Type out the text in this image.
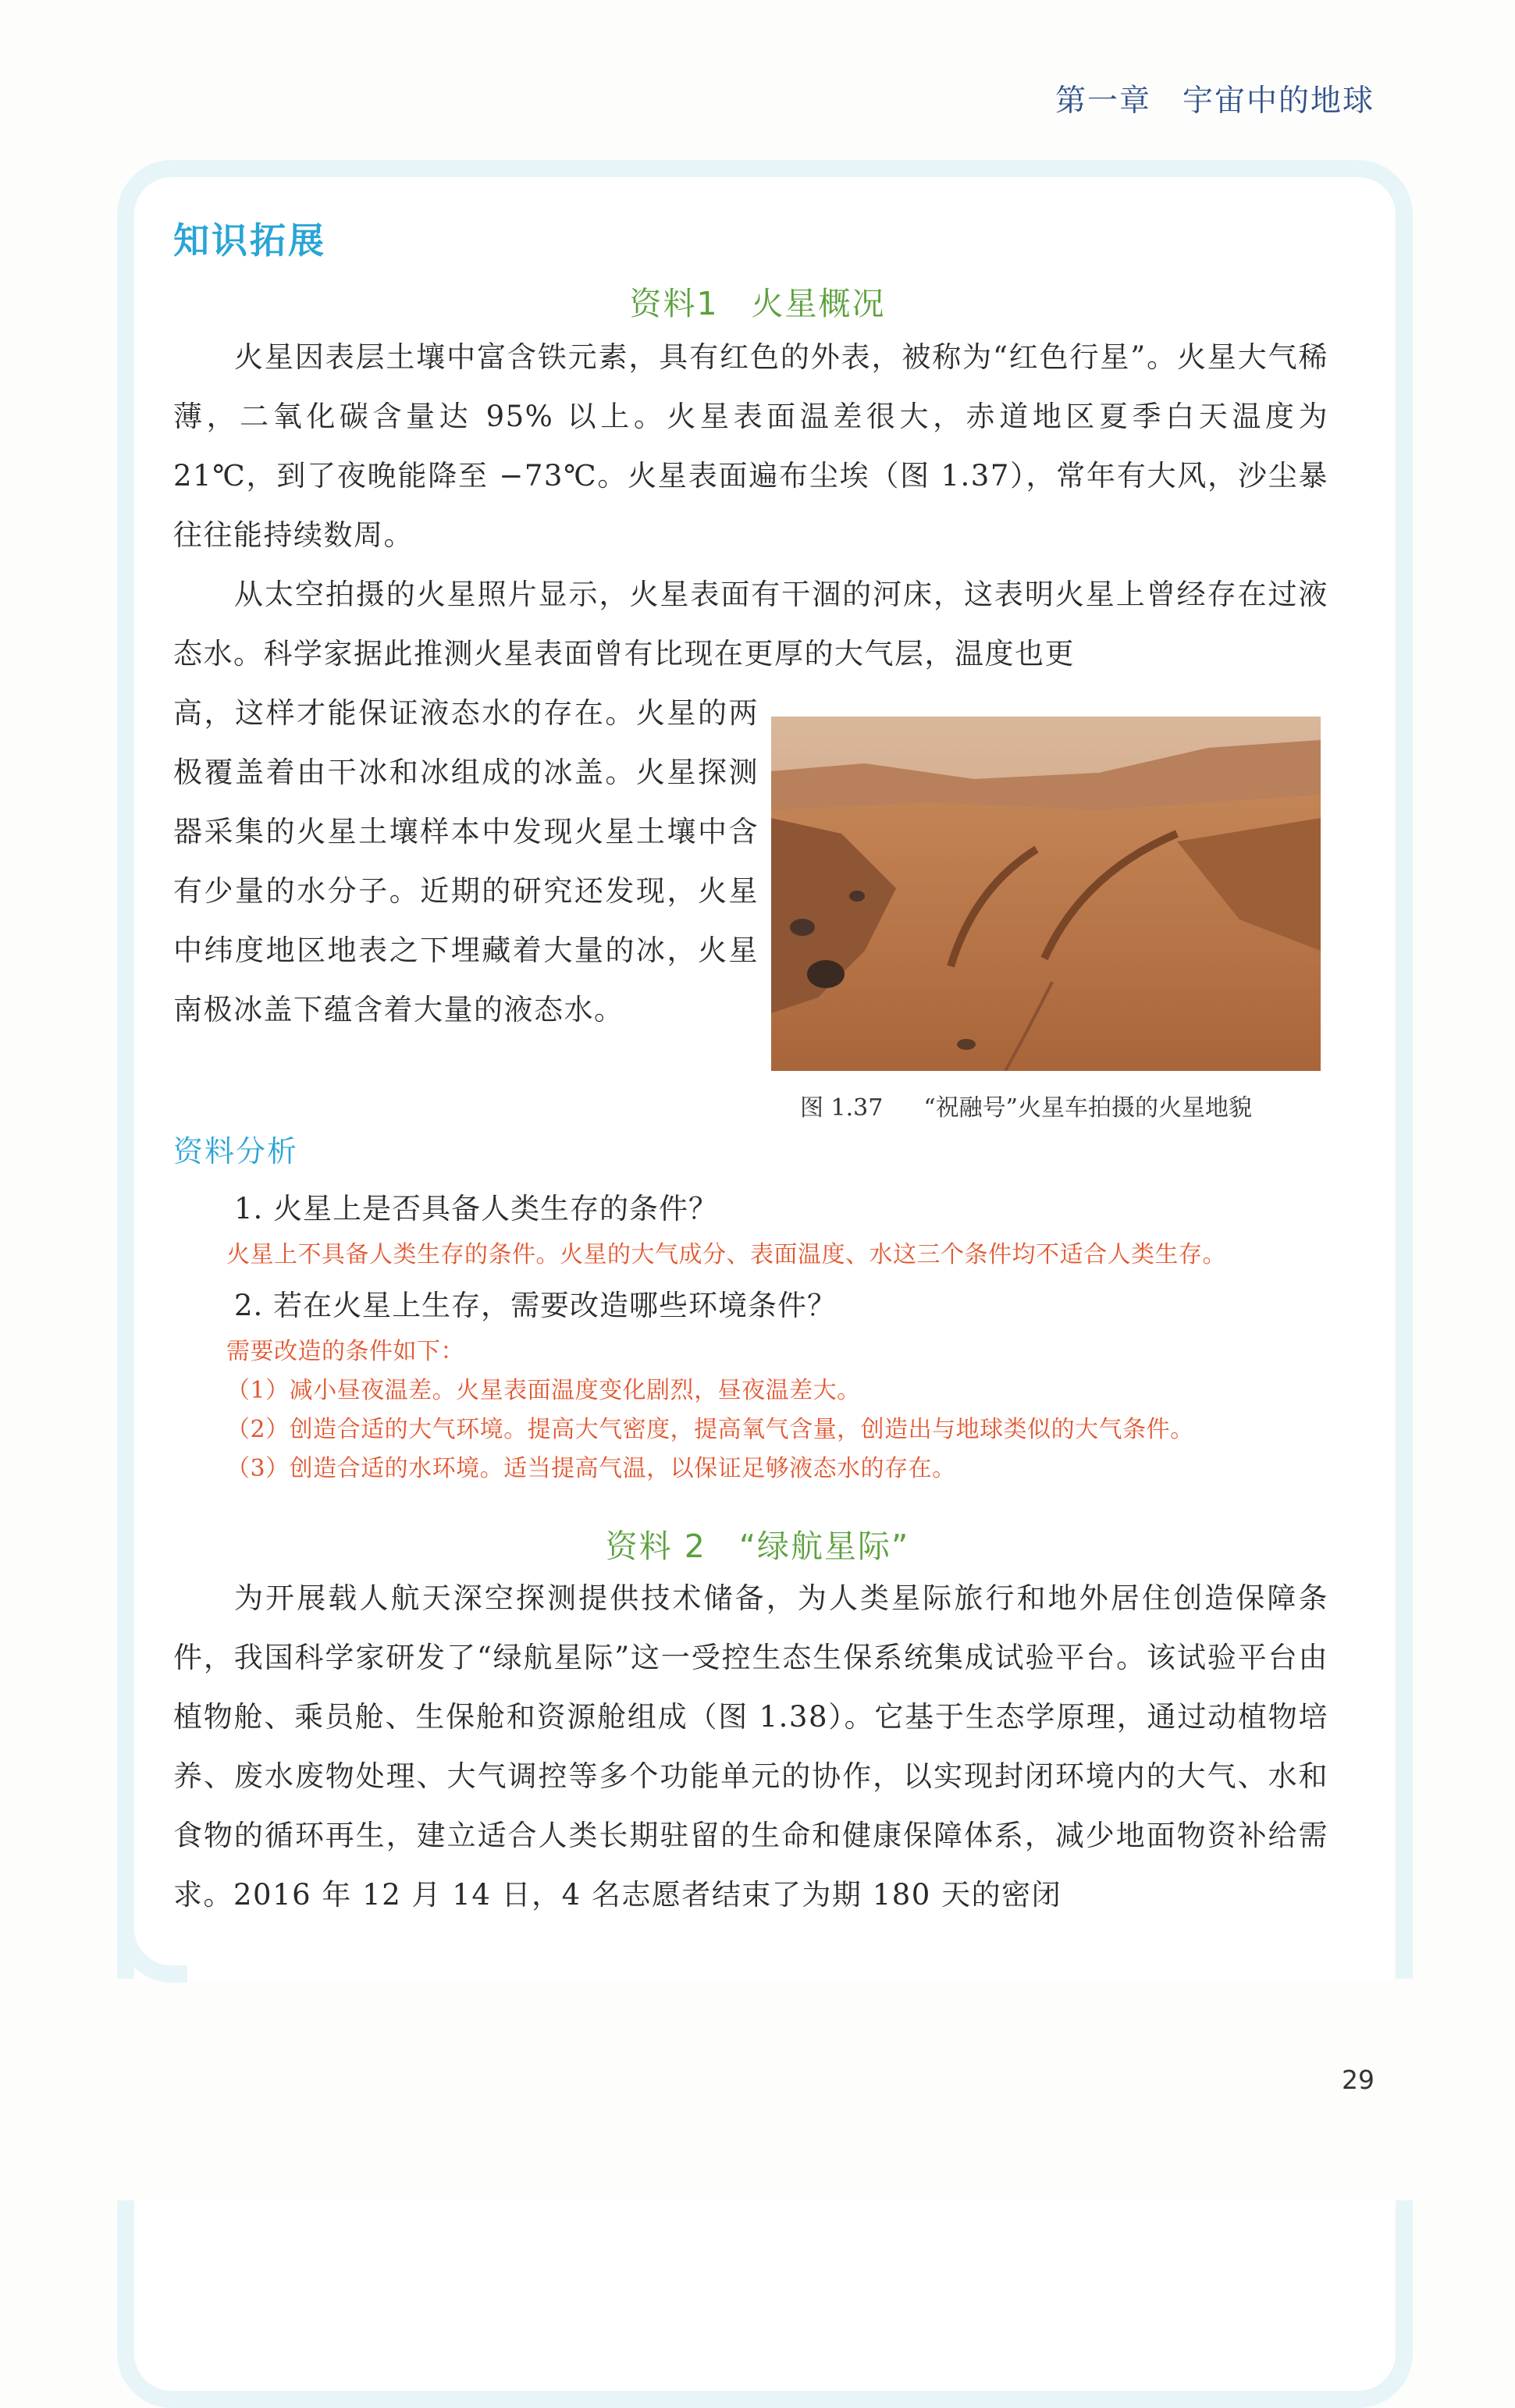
第一章 宇宙中的地球
知识拓展
资料1 火星概况

火星因表层土壤中富含铁元素，具有红色的外表，被称为“红色行星”。火星大气稀薄，二氧化碳含量达 95% 以上。火星表面温差很大，赤道地区夏季白天温度为 21℃，到了夜晚能降至 −73℃。火星表面遍布尘埃（图 1.37），常年有大风，沙尘暴往往能持续数周。

从太空拍摄的火星照片显示，火星表面有干涸的河床，这表明火星上曾经存在过液态水。科学家据此推测火星表面曾有比现在更厚的大气层，温度也更

高，这样才能保证液态水的存在。火星的两极覆盖着由干冰和冰组成的冰盖。火星探测器采集的火星土壤样本中发现火星土壤中含有少量的水分子。近期的研究还发现，火星中纬度地区地表之下埋藏着大量的冰，火星南极冰盖下蕴含着大量的液态水。

图 1.37 “祝融号”火星车拍摄的火星地貌
资料分析
1. 火星上是否具备人类生存的条件？
火星上不具备人类生存的条件。火星的大气成分、表面温度、水这三个条件均不适合人类生存。
2. 若在火星上生存，需要改造哪些环境条件？
需要改造的条件如下：
（1）减小昼夜温差。火星表面温度变化剧烈，昼夜温差大。
（2）创造合适的大气环境。提高大气密度，提高氧气含量，创造出与地球类似的大气条件。
（3）创造合适的水环境。适当提高气温，以保证足够液态水的存在。
资料 2 “绿航星际”

为开展载人航天深空探测提供技术储备，为人类星际旅行和地外居住创造保障条件，我国科学家研发了“绿航星际”这一受控生态生保系统集成试验平台。该试验平台由植物舱、乘员舱、生保舱和资源舱组成（图 1.38）。它基于生态学原理，通过动植物培养、废水废物处理、大气调控等多个功能单元的协作，以实现封闭环境内的大气、水和食物的循环再生，建立适合人类长期驻留的生命和健康保障体系，减少地面物资补给需求。2016 年 12 月 14 日，4 名志愿者结束了为期 180 天的密闭

29
